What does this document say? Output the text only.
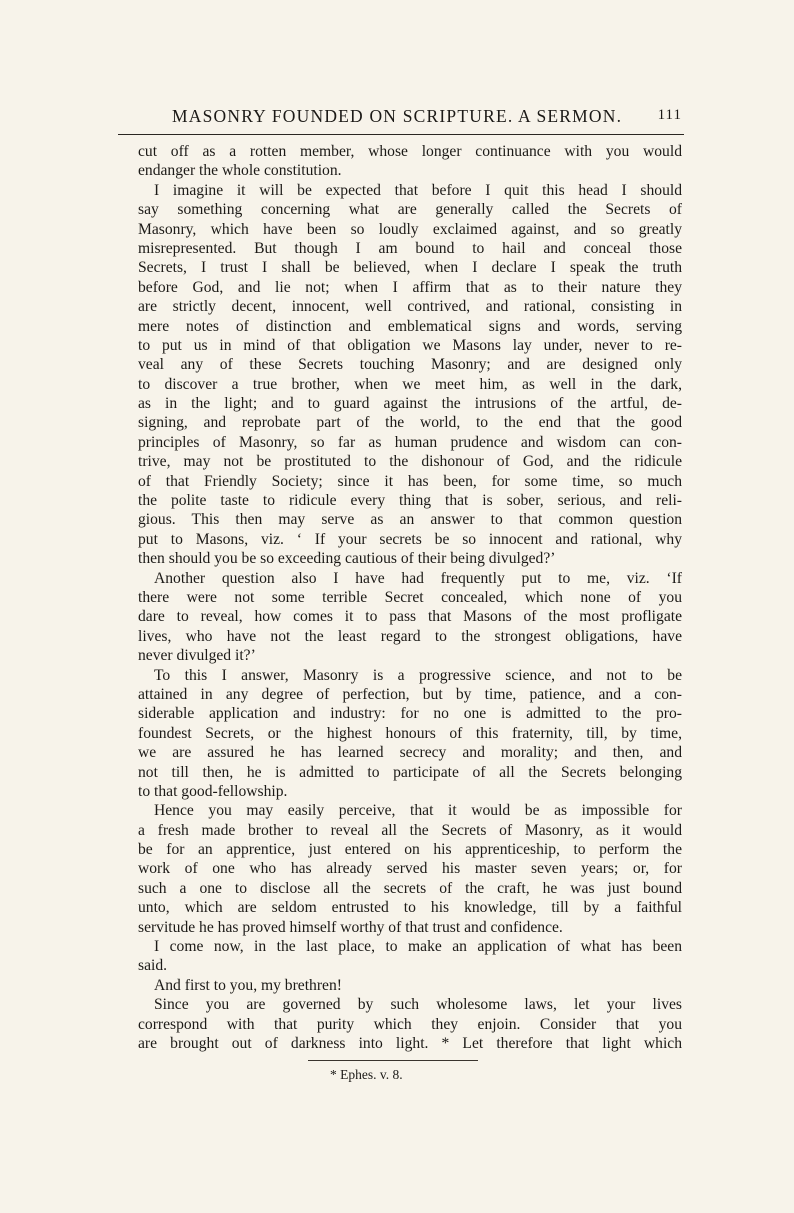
MASONRY FOUNDED ON SCRIPTURE. A SERMON. 111
cut off as a rotten member, whose longer continuance with you would
endanger the whole constitution.
I imagine it will be expected that before I quit this head I should
say something concerning what are generally called the Secrets of
Masonry, which have been so loudly exclaimed against, and so greatly
misrepresented. But though I am bound to hail and conceal those
Secrets, I trust I shall be believed, when I declare I speak the truth
before God, and lie not; when I affirm that as to their nature they
are strictly decent, innocent, well contrived, and rational, consisting in
mere notes of distinction and emblematical signs and words, serving
to put us in mind of that obligation we Masons lay under, never to re-
veal any of these Secrets touching Masonry; and are designed only
to discover a true brother, when we meet him, as well in the dark,
as in the light; and to guard against the intrusions of the artful, de-
signing, and reprobate part of the world, to the end that the good
principles of Masonry, so far as human prudence and wisdom can con-
trive, may not be prostituted to the dishonour of God, and the ridicule
of that Friendly Society; since it has been, for some time, so much
the polite taste to ridicule every thing that is sober, serious, and reli-
gious. This then may serve as an answer to that common question
put to Masons, viz. ‘ If your secrets be so innocent and rational, why
then should you be so exceeding cautious of their being divulged?’
Another question also I have had frequently put to me, viz. ‘If
there were not some terrible Secret concealed, which none of you
dare to reveal, how comes it to pass that Masons of the most profligate
lives, who have not the least regard to the strongest obligations, have
never divulged it?’
To this I answer, Masonry is a progressive science, and not to be
attained in any degree of perfection, but by time, patience, and a con-
siderable application and industry: for no one is admitted to the pro-
foundest Secrets, or the highest honours of this fraternity, till, by time,
we are assured he has learned secrecy and morality; and then, and
not till then, he is admitted to participate of all the Secrets belonging
to that good-fellowship.
Hence you may easily perceive, that it would be as impossible for
a fresh made brother to reveal all the Secrets of Masonry, as it would
be for an apprentice, just entered on his apprenticeship, to perform the
work of one who has already served his master seven years; or, for
such a one to disclose all the secrets of the craft, he was just bound
unto, which are seldom entrusted to his knowledge, till by a faithful
servitude he has proved himself worthy of that trust and confidence.
I come now, in the last place, to make an application of what has been
said.
And first to you, my brethren!
Since you are governed by such wholesome laws, let your lives
correspond with that purity which they enjoin. Consider that you
are brought out of darkness into light. * Let therefore that light which
* Ephes. v. 8.
